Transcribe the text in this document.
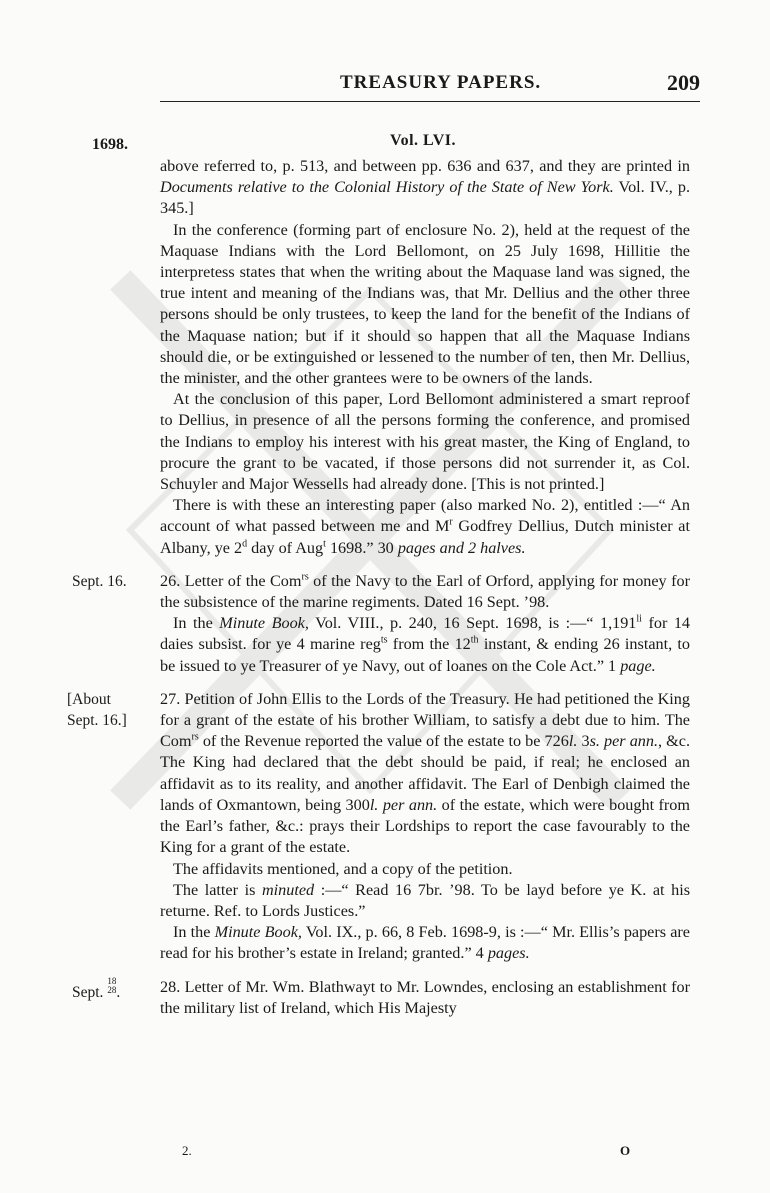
TREASURY PAPERS.	209
1698.	Vol. LVI.

above referred to, p. 513, and between pp. 636 and 637, and they are printed in Documents relative to the Colonial History of the State of New York. Vol. IV., p. 345.]

In the conference (forming part of enclosure No. 2), held at the request of the Maquase Indians with the Lord Bellomont, on 25 July 1698, Hillitie the interpretess states that when the writing about the Maquase land was signed, the true intent and meaning of the Indians was, that Mr. Dellius and the other three persons should be only trustees, to keep the land for the benefit of the Indians of the Maquase nation; but if it should so happen that all the Maquase Indians should die, or be extinguished or lessened to the number of ten, then Mr. Dellius, the minister, and the other grantees were to be owners of the lands.

At the conclusion of this paper, Lord Bellomont administered a smart reproof to Dellius, in presence of all the persons forming the conference, and promised the Indians to employ his interest with his great master, the King of England, to procure the grant to be vacated, if those persons did not surrender it, as Col. Schuyler and Major Wessells had already done. [This is not printed.]

There is with these an interesting paper (also marked No. 2), entitled :—“ An account of what passed between me and $M^r$ Godfrey Dellius, Dutch minister at Albany, ye 2$^d$ day of Aug$^t$ 1698.” 30 pages and 2 halves.

Sept. 16.	26. Letter of the Com$^{rs}$ of the Navy to the Earl of Orford, applying for money for the subsistence of the marine regiments. Dated 16 Sept. ’98.

In the Minute Book, Vol. VIII., p. 240, 16 Sept. 1698, is :—“ $1,191^{li}$ for 14 daies subsist. for ye 4 marine reg$^{ts}$ from the 12th instant, & ending 26 instant, to be issued to ye Treasurer of ye Navy, out of loanes on the Cole Act.” 1 page.

[About
Sept. 16.]

27. Petition of John Ellis to the Lords of the Treasury. He had petitioned the King for a grant of the estate of his brother William, to satisfy a debt due to him. The Com$^{rs}$ of the Revenue reported the value of the estate to be 726l. 3s. per ann., &c. The King had declared that the debt should be paid, if real; he enclosed an affidavit as to its reality, and another affidavit. The Earl of Denbigh claimed the lands of Oxmantown, being 300l. per ann. of the estate, which were bought from the Earl’s father, &c.: prays their Lordships to report the case favourably to the King for a grant of the estate.

The affidavits mentioned, and a copy of the petition.

The latter is minuted :—“ Read 16 7br. ’98. To be layd before ye K. at his returne. Ref. to Lords Justices.”

In the Minute Book, Vol. IX., p. 66, 8 Feb. 1698-9, is :—“ Mr. Ellis’s papers are read for his brother’s estate in Ireland; granted.” 4 pages.

Sept. $^{18 28}$.	28. Letter of Mr. Wm. Blathwayt to Mr. Lowndes, enclosing an establishment for the military list of Ireland, which His Majesty

2.	O
